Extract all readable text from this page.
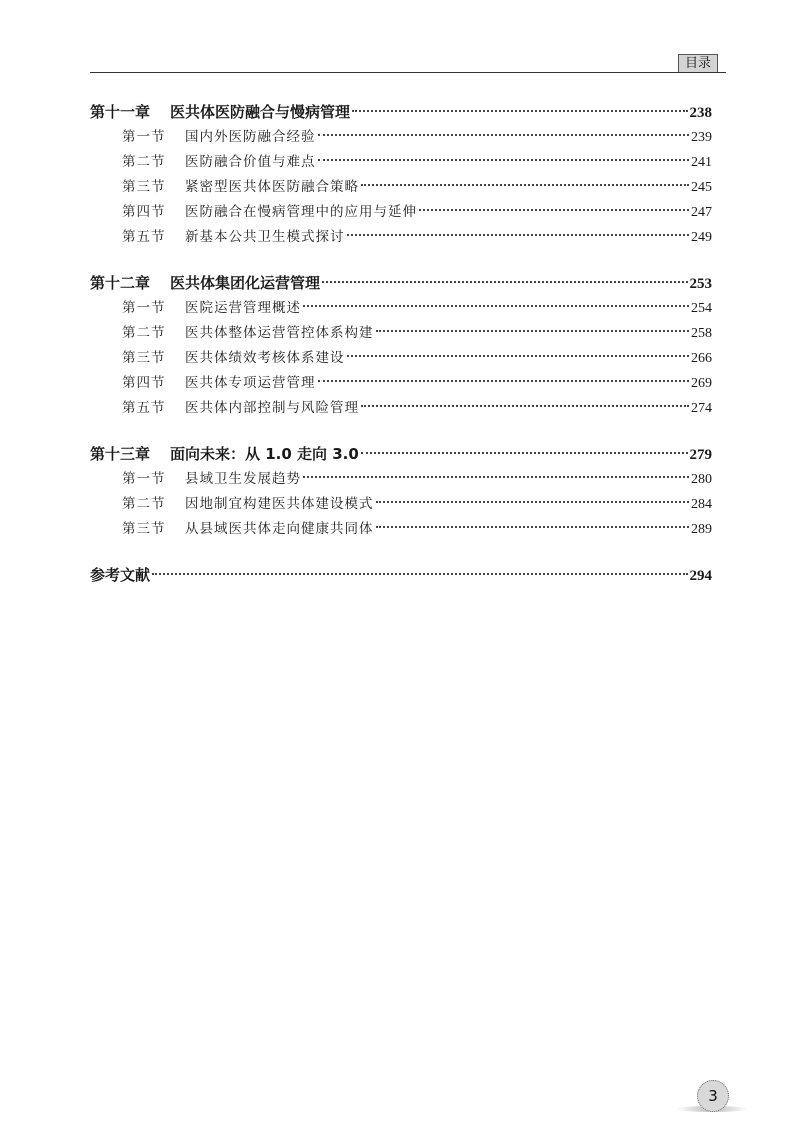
目录
第十一章	医共体医防融合与慢病管理	238
第一节	国内外医防融合经验	239
第二节	医防融合价值与难点	241
第三节	紧密型医共体医防融合策略	245
第四节	医防融合在慢病管理中的应用与延伸	247
第五节	新基本公共卫生模式探讨	249
第十二章	医共体集团化运营管理	253
第一节	医院运营管理概述	254
第二节	医共体整体运营管控体系构建	258
第三节	医共体绩效考核体系建设	266
第四节	医共体专项运营管理	269
第五节	医共体内部控制与风险管理	274
第十三章	面向未来：从 1.0 走向 3.0	279
第一节	县域卫生发展趋势	280
第二节	因地制宜构建医共体建设模式	284
第三节	从县域医共体走向健康共同体	289
参考文献	294
3
